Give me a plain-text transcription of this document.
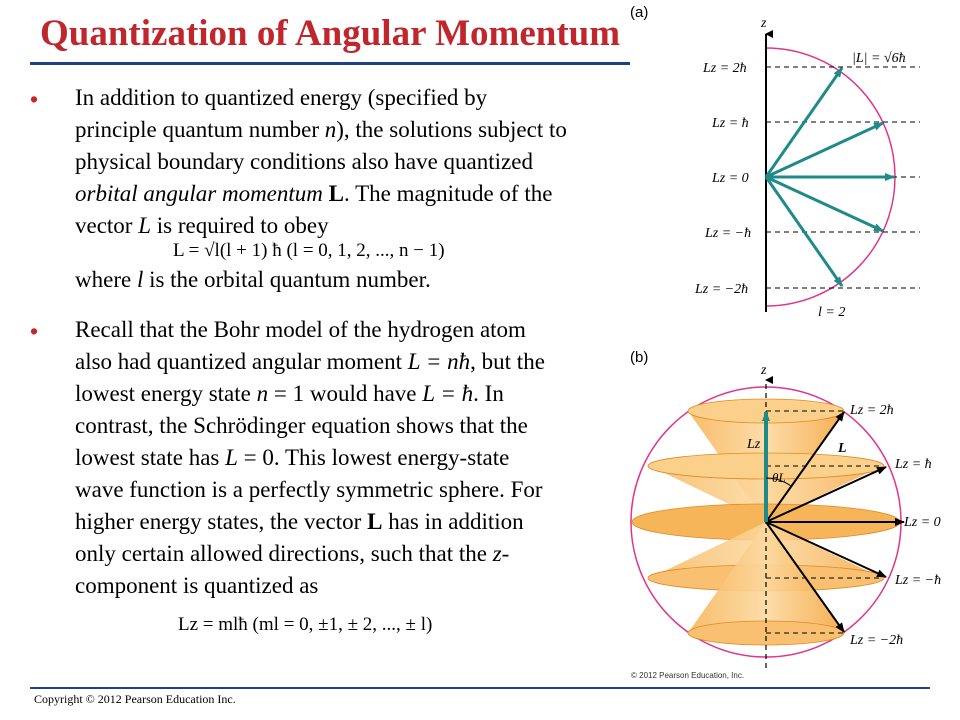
Quantization of Angular Momentum
• In addition to quantized energy (specified by
principle quantum number n), the solutions subject to
physical boundary conditions also have quantized
orbital angular momentum L. The magnitude of the
vector L is required to obey
where l is the orbital quantum number.
L = √l(l + 1) ħ (l = 0, 1, 2, ..., n − 1)
• Recall that the Bohr model of the hydrogen atom
also had quantized angular moment L = nħ, but the
lowest energy state n = 1 would have L = ħ. In
contrast, the Schrödinger equation shows that the
lowest state has L = 0. This lowest energy-state
wave function is a perfectly symmetric sphere. For
higher energy states, the vector L has in addition
only certain allowed directions, such that the z-
component is quantized as
Lz = mlħ (ml = 0, ±1, ± 2, ..., ± l)
(a)
z
|L| = √6ħ
Lz = 2ħ
Lz = ħ
Lz = 0
Lz = −ħ
Lz = −2ħ
l = 2
(b)
z
Lz	L
θL
Lz = 2ħ
Lz = ħ
Lz = 0
Lz = −ħ
Lz = −2ħ
© 2012 Pearson Education, Inc.
Copyright © 2012 Pearson Education Inc.
